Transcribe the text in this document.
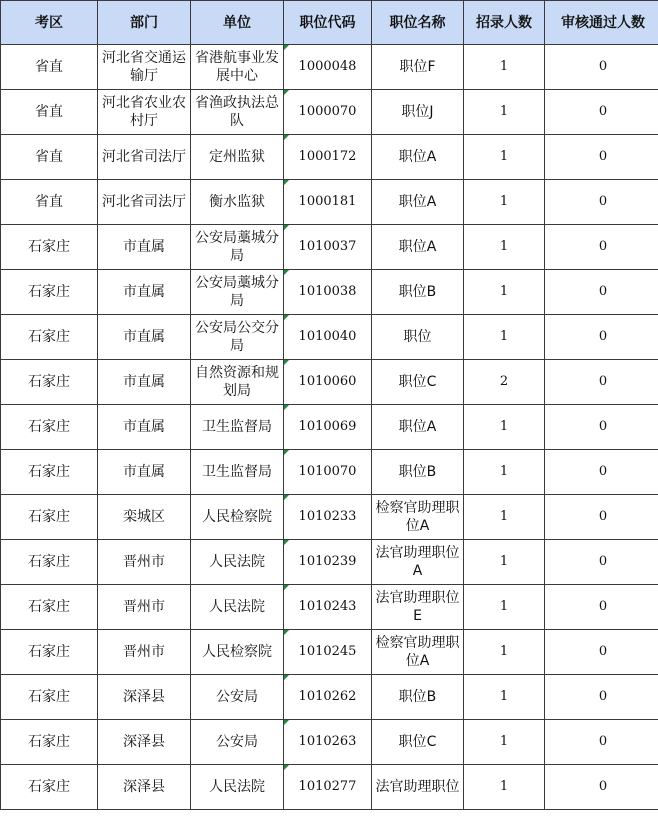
考区	部门	单位	职位代码	职位名称	招录人数	审核通过人数
省直	河北省交通运输厅	省港航事业发展中心	1000048	职位F	1	0
省直	河北省农业农村厅	省渔政执法总队	1000070	职位J	1	0
省直	河北省司法厅	定州监狱	1000172	职位A	1	0
省直	河北省司法厅	衡水监狱	1000181	职位A	1	0
石家庄	市直属	公安局藁城分局	1010037	职位A	1	0
石家庄	市直属	公安局藁城分局	1010038	职位B	1	0
石家庄	市直属	公安局公交分局	1010040	职位	1	0
石家庄	市直属	自然资源和规划局	1010060	职位C	2	0
石家庄	市直属	卫生监督局	1010069	职位A	1	0
石家庄	市直属	卫生监督局	1010070	职位B	1	0
石家庄	栾城区	人民检察院	1010233	检察官助理职位A	1	0
石家庄	晋州市	人民法院	1010239	法官助理职位A	1	0
石家庄	晋州市	人民法院	1010243	法官助理职位E	1	0
石家庄	晋州市	人民检察院	1010245	检察官助理职位A	1	0
石家庄	深泽县	公安局	1010262	职位B	1	0
石家庄	深泽县	公安局	1010263	职位C	1	0
石家庄	深泽县	人民法院	1010277	法官助理职位	1	0
